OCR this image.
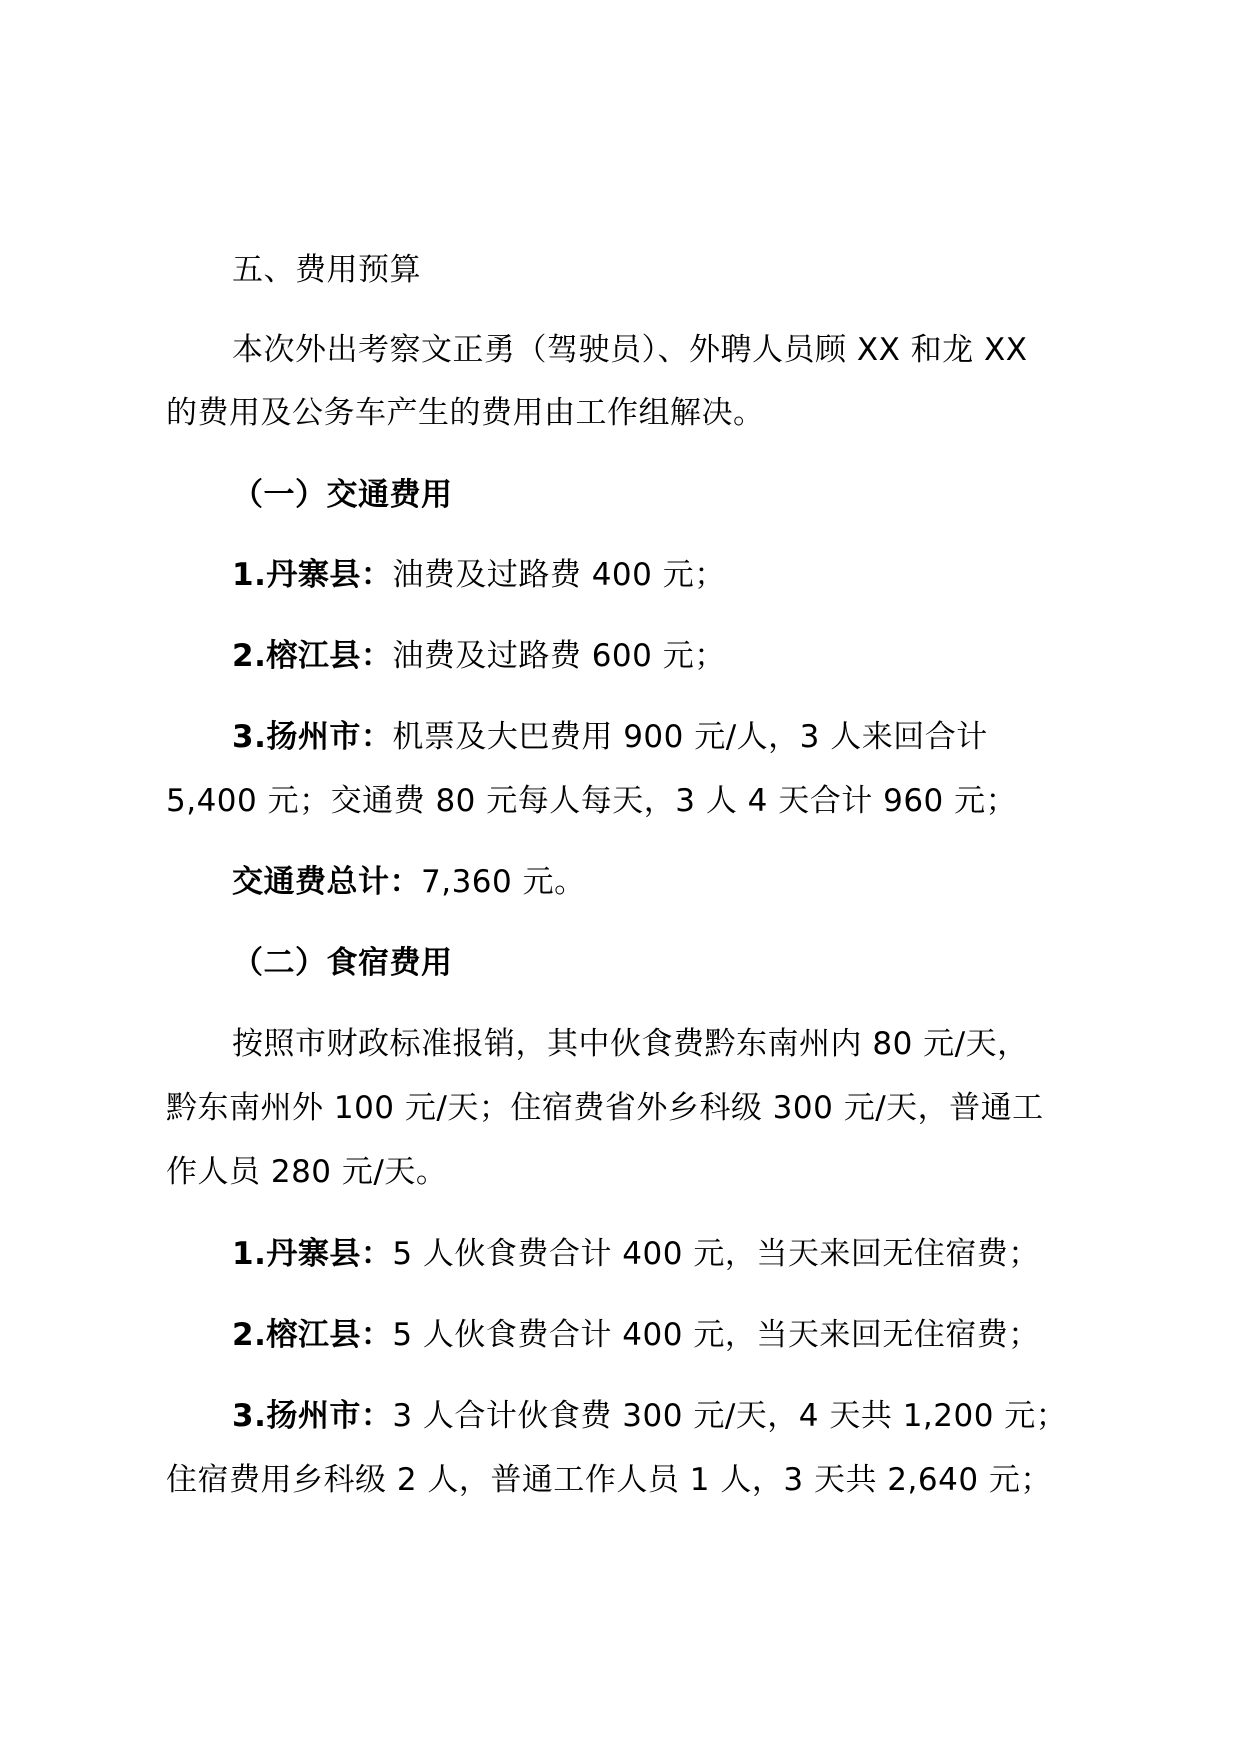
五、费用预算
本次外出考察文正勇（驾驶员）、外聘人员顾 XX 和龙 XX
的费用及公务车产生的费用由工作组解决。
（一）交通费用
1.丹寨县：油费及过路费 400 元；
2.榕江县：油费及过路费 600 元；
3.扬州市：机票及大巴费用 900 元/人，3 人来回合计
5,400 元；交通费 80 元每人每天，3 人 4 天合计 960 元；
交通费总计：7,360 元。
（二）食宿费用
按照市财政标准报销，其中伙食费黔东南州内 80 元/天，
黔东南州外 100 元/天；住宿费省外乡科级 300 元/天，普通工
作人员 280 元/天。
1.丹寨县：5 人伙食费合计 400 元，当天来回无住宿费；
2.榕江县：5 人伙食费合计 400 元，当天来回无住宿费；
3.扬州市：3 人合计伙食费 300 元/天，4 天共 1,200 元；
住宿费用乡科级 2 人，普通工作人员 1 人，3 天共 2,640 元；
